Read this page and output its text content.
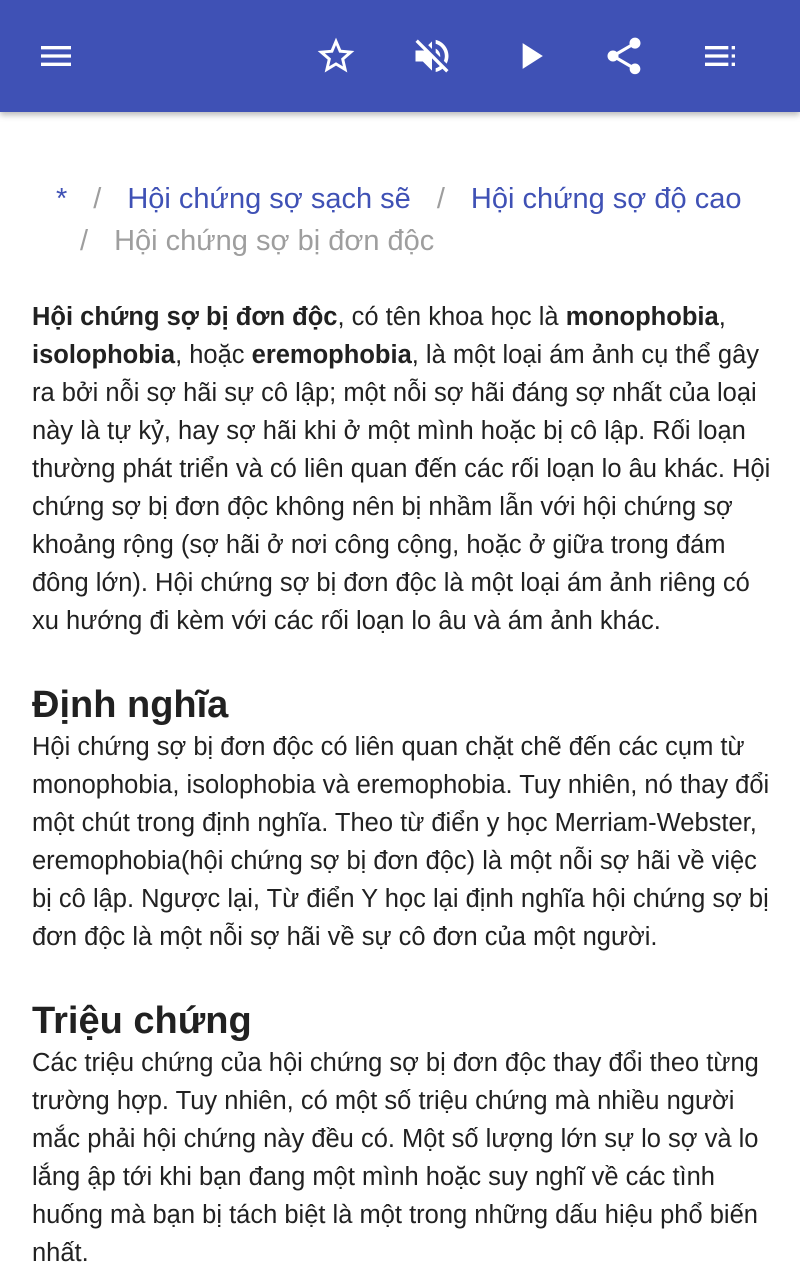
* / Hội chứng sợ sạch sẽ / Hội chứng sợ độ cao
/ Hội chứng sợ bị đơn độc

Hội chứng sợ bị đơn độc, có tên khoa học là monophobia, isolophobia, hoặc eremophobia, là một loại ám ảnh cụ thể gây ra bởi nỗi sợ hãi sự cô lập; một nỗi sợ hãi đáng sợ nhất của loại này là tự kỷ, hay sợ hãi khi ở một mình hoặc bị cô lập. Rối loạn thường phát triển và có liên quan đến các rối loạn lo âu khác. Hội chứng sợ bị đơn độc không nên bị nhầm lẫn với hội chứng sợ khoảng rộng (sợ hãi ở nơi công cộng, hoặc ở giữa trong đám đông lớn). Hội chứng sợ bị đơn độc là một loại ám ảnh riêng có xu hướng đi kèm với các rối loạn lo âu và ám ảnh khác.

Định nghĩa

Hội chứng sợ bị đơn độc có liên quan chặt chẽ đến các cụm từ monophobia, isolophobia và eremophobia. Tuy nhiên, nó thay đổi một chút trong định nghĩa. Theo từ điển y học Merriam-Webster, eremophobia(hội chứng sợ bị đơn độc) là một nỗi sợ hãi về việc bị cô lập. Ngược lại, Từ điển Y học lại định nghĩa hội chứng sợ bị đơn độc là một nỗi sợ hãi về sự cô đơn của một người.

Triệu chứng

Các triệu chứng của hội chứng sợ bị đơn độc thay đổi theo từng trường hợp. Tuy nhiên, có một số triệu chứng mà nhiều người mắc phải hội chứng này đều có. Một số lượng lớn sự lo sợ và lo lắng ập tới khi bạn đang một mình hoặc suy nghĩ về các tình huống mà bạn bị tách biệt là một trong những dấu hiệu phổ biến nhất.
